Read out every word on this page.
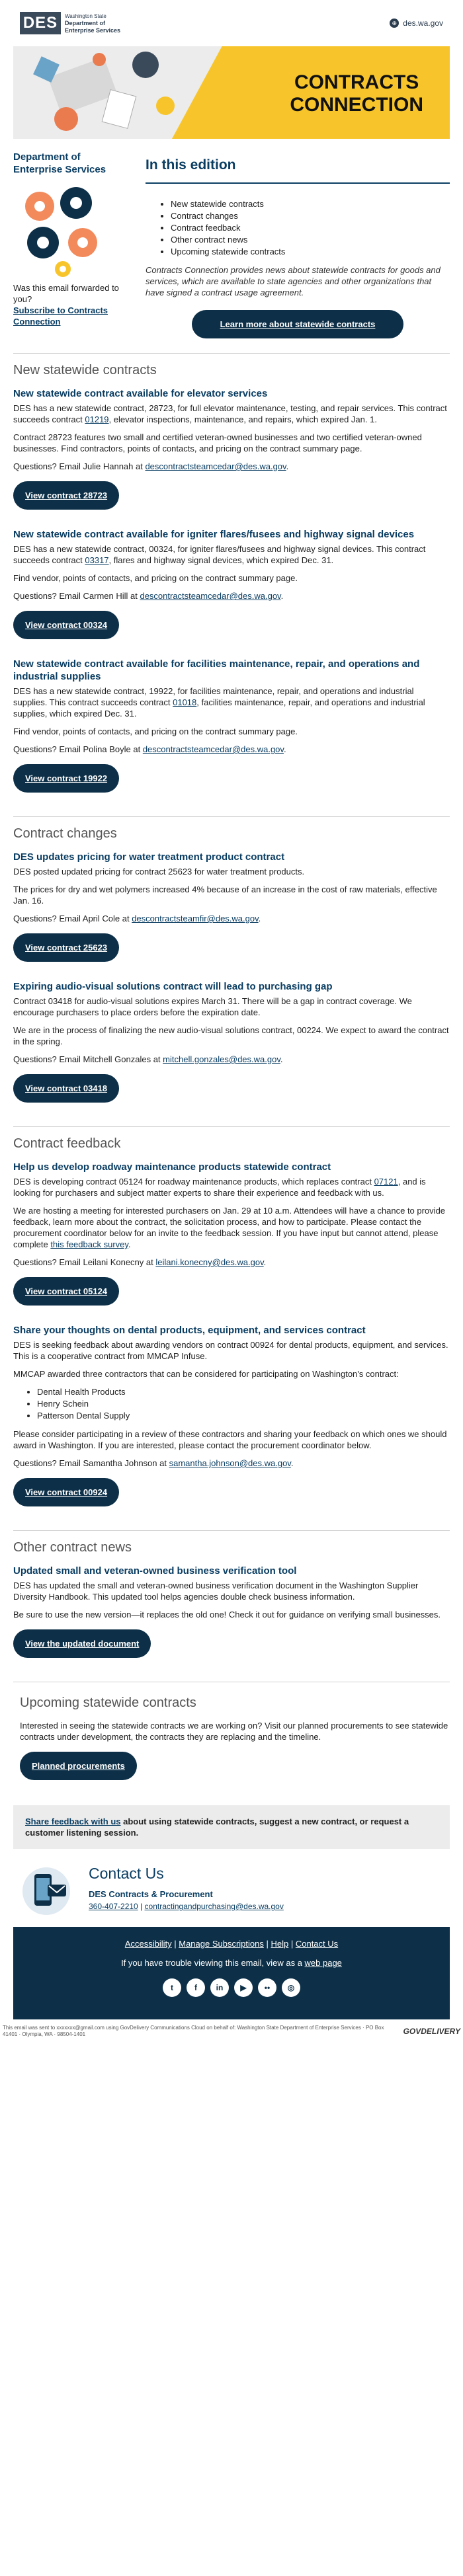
DES	Washington State
Department of
Enterprise Services
⊕ des.wa.gov
CONTRACTS
CONNECTION
Department of Enterprise Services
Was this email forwarded to you?
Subscribe to Contracts Connection
In this edition
• New statewide contracts
• Contract changes
• Contract feedback
• Other contract news
• Upcoming statewide contracts

Contracts Connection provides news about statewide contracts for goods and services, which are available to state agencies and other organizations that have signed a contract usage agreement.

Learn more about statewide contracts
New statewide contracts
New statewide contract available for elevator services

DES has a new statewide contract, 28723, for full elevator maintenance, testing, and repair services. This contract succeeds contract 01219, elevator inspections, maintenance, and repairs, which expired Jan. 1.

Contract 28723 features two small and certified veteran-owned businesses and two certified veteran-owned businesses. Find contractors, points of contacts, and pricing on the contract summary page.

Questions? Email Julie Hannah at descontractsteamcedar@des.wa.gov.

View contract 28723
New statewide contract available for igniter flares/fusees and highway signal devices

DES has a new statewide contract, 00324, for igniter flares/fusees and highway signal devices. This contract succeeds contract 03317, flares and highway signal devices, which expired Dec. 31.

Find vendor, points of contacts, and pricing on the contract summary page.

Questions? Email Carmen Hill at descontractsteamcedar@des.wa.gov.

View contract 00324
New statewide contract available for facilities maintenance, repair, and operations and industrial supplies

DES has a new statewide contract, 19922, for facilities maintenance, repair, and operations and industrial supplies. This contract succeeds contract 01018, facilities maintenance, repair, and operations and industrial supplies, which expired Dec. 31.

Find vendor, points of contacts, and pricing on the contract summary page.

Questions? Email Polina Boyle at descontractsteamcedar@des.wa.gov.

View contract 19922
Contract changes
DES updates pricing for water treatment product contract

DES posted updated pricing for contract 25623 for water treatment products.

The prices for dry and wet polymers increased 4% because of an increase in the cost of raw materials, effective Jan. 16.

Questions? Email April Cole at descontractsteamfir@des.wa.gov.

View contract 25623
Expiring audio-visual solutions contract will lead to purchasing gap

Contract 03418 for audio-visual solutions expires March 31. There will be a gap in contract coverage. We encourage purchasers to place orders before the expiration date.

We are in the process of finalizing the new audio-visual solutions contract, 00224. We expect to award the contract in the spring.

Questions? Email Mitchell Gonzales at mitchell.gonzales@des.wa.gov.

View contract 03418
Contract feedback
Help us develop roadway maintenance products statewide contract

DES is developing contract 05124 for roadway maintenance products, which replaces contract 07121, and is looking for purchasers and subject matter experts to share their experience and feedback with us.

We are hosting a meeting for interested purchasers on Jan. 29 at 10 a.m. Attendees will have a chance to provide feedback, learn more about the contract, the solicitation process, and how to participate. Please contact the procurement coordinator below for an invite to the feedback session. If you have input but cannot attend, please complete this feedback survey.

Questions? Email Leilani Konecny at leilani.konecny@des.wa.gov.

View contract 05124
Share your thoughts on dental products, equipment, and services contract

DES is seeking feedback about awarding vendors on contract 00924 for dental products, equipment, and services. This is a cooperative contract from MMCAP Infuse.

MMCAP awarded three contractors that can be considered for participating on Washington's contract:

• Dental Health Products
• Henry Schein
• Patterson Dental Supply

Please consider participating in a review of these contractors and sharing your feedback on which ones we should award in Washington. If you are interested, please contact the procurement coordinator below.

Questions? Email Samantha Johnson at samantha.johnson@des.wa.gov.

View contract 00924
Other contract news
Updated small and veteran-owned business verification tool

DES has updated the small and veteran-owned business verification document in the Washington Supplier Diversity Handbook. This updated tool helps agencies double check business information.

Be sure to use the new version—it replaces the old one! Check it out for guidance on verifying small businesses.

View the updated document
Upcoming statewide contracts

Interested in seeing the statewide contracts we are working on? Visit our planned procurements to see statewide contracts under development, the contracts they are replacing and the timeline.

Planned procurements
Share feedback with us about using statewide contracts, suggest a new contract, or request a customer listening session.
Contact Us
DES Contracts & Procurement
360-407-2210 | contractingandpurchasing@des.wa.gov
Accessibility | Manage Subscriptions | Help | Contact Us
If you have trouble viewing this email, view as a web page
t	f	in	▶	••	◎
This email was sent to xxxxxxx@gmail.com using GovDelivery Communications Cloud on behalf of: Washington State Department of Enterprise Services · PO Box 41401 · Olympia, WA · 98504-1401	GOVDELIVERY
